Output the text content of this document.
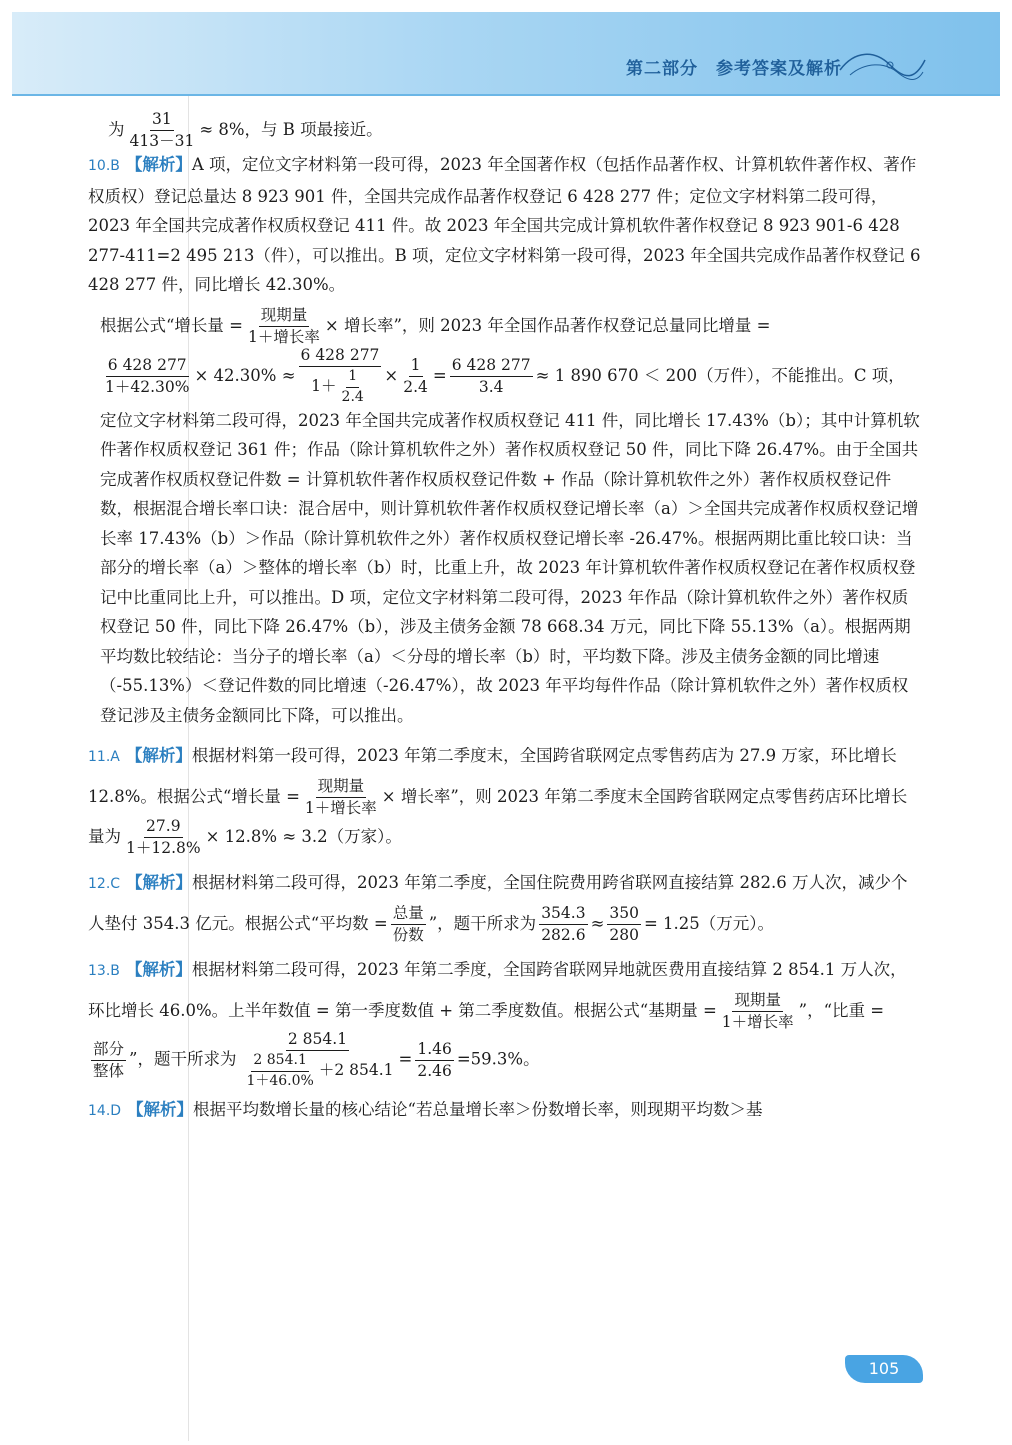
第二部分　参考答案及解析

为 $\frac{31}{413-31} \approx 8\%$，与 B 项最接近。

10.B 【解析】A 项，定位文字材料第一段可得，2023 年全国著作权（包括作品著作权、计算机软件著作权、著作权质权）登记总量达 8 923 901 件，全国共完成作品著作权登记 6 428 277 件；定位文字材料第二段可得，2023 年全国共完成著作权质权登记 411 件。故 2023 年全国共完成计算机软件著作权登记 8 923 901-6 428 277-411=2 495 213（件），可以推出。B 项，定位文字材料第一段可得，2023 年全国共完成作品著作权登记 6 428 277 件，同比增长 42.30%。

根据公式“增长量 = $\frac{\text{现期量}}{\text{1＋增长率}}$ × 增长率”，则 2023 年全国作品著作权登记总量同比增量 =

$\frac{6 428 277}{1+42.30\%} \times 42.30\% \approx \frac{6 428 277}{1+ \frac{1}{2.4}} \times \frac{1}{2.4} = \frac{6 428 277}{3.4} \approx 1$ 890 670 ＜ 200（万件），不能推出。C 项，

定位文字材料第二段可得，2023 年全国共完成著作权质权登记 411 件，同比增长 17.43%（b）；其中计算机软件著作权质权登记 361 件；作品（除计算机软件之外）著作权质权登记 50 件，同比下降 26.47%。由于全国共完成著作权质权登记件数 = 计算机软件著作权质权登记件数 + 作品（除计算机软件之外）著作权质权登记件数，根据混合增长率口诀：混合居中，则计算机软件著作权质权登记增长率（a）＞全国共完成著作权质权登记增长率 17.43%（b）＞作品（除计算机软件之外）著作权质权登记增长率 -26.47%。根据两期比重比较口诀：当部分的增长率（a）＞整体的增长率（b）时，比重上升，故 2023 年计算机软件著作权质权登记在著作权质权登记中比重同比上升，可以推出。D 项，定位文字材料第二段可得，2023 年作品（除计算机软件之外）著作权质权登记 50 件，同比下降 26.47%（b），涉及主债务金额 78 668.34 万元，同比下降 55.13%（a）。根据两期平均数比较结论：当分子的增长率（a）＜分母的增长率（b）时，平均数下降。涉及主债务金额的同比增速（-55.13%）＜登记件数的同比增速（-26.47%），故 2023 年平均每件作品（除计算机软件之外）著作权质权登记涉及主债务金额同比下降，可以推出。

11.A 【解析】根据材料第一段可得，2023 年第二季度末，全国跨省联网定点零售药店为 27.9 万家，环比增长 12.8%。根据公式“增长量 = $\frac{\text{现期量}}{\text{1＋增长率}}$ × 增长率”，则 2023 年第二季度末全国跨省联网定点零售药店环比增长量为 $\frac{27.9}{1+12.8\%} \times 12.8\% \approx 3.2$（万家）。

12.C 【解析】根据材料第二段可得，2023 年第二季度，全国住院费用跨省联网直接结算 282.6 万人次，减少个人垫付 354.3 亿元。根据公式“平均数 = $\frac{\text{总量}}{\text{份数}}$ ”，题干所求为 $\frac{354.3}{282.6} \approx \frac{350}{280} = 1.25$（万元）。

13.B 【解析】根据材料第二段可得，2023 年第二季度，全国跨省联网异地就医费用直接结算 2 854.1 万人次，环比增长 46.0%。上半年数值 = 第一季度数值 + 第二季度数值。根据公式“基期量 = $\frac{\text{现期量}}{\text{1＋增长率}}$ ”，“比重 =
$\frac{\text{部分}}{\text{整体}}$ ”，题干所求为 $\frac{2 854.1}{\frac{2 854.1}{1+46.0\%} +2 854.1} = \frac{1.46}{2.46} =59.3\%$。

14.D 【解析】根据平均数增长量的核心结论“若总量增长率＞份数增长率，则现期平均数＞基

105
